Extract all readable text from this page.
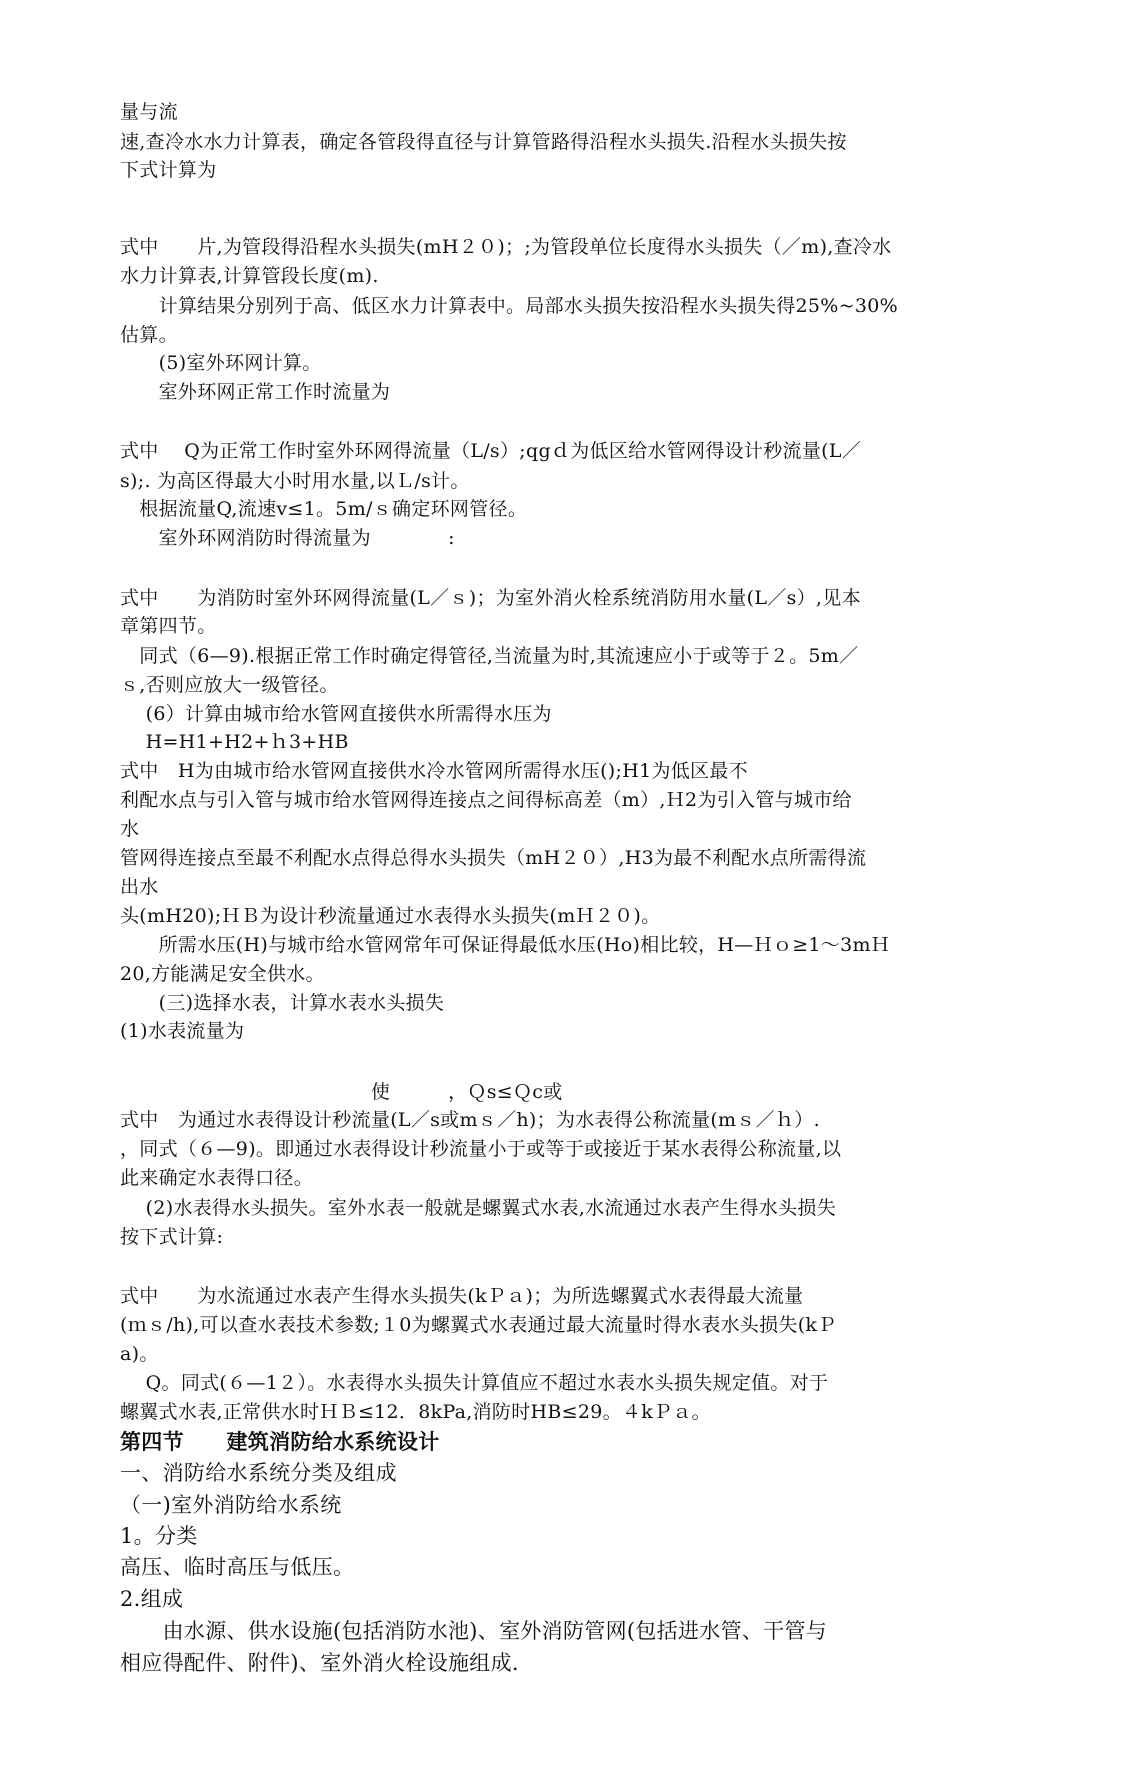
量与流
速,查冷水水力计算表，确定各管段得直径与计算管路得沿程水头损失.沿程水头损失按
下式计算为
式中　　片,为管段得沿程水头损失(mH２０)；;为管段单位长度得水头损失（／m),查冷水
水力计算表,计算管段长度(m).
　　计算结果分别列于高、低区水力计算表中。局部水头损失按沿程水头损失得25%~30%
估算。
　　(5)室外环网计算。
　　室外环网正常工作时流量为
式中　 Q为正常工作时室外环网得流量（L/s）;qgｄ为低区给水管网得设计秒流量(L／
s);. 为高区得最大小时用水量,以Ｌ/s计。
　根据流量Q,流速v≤1。5m/ｓ确定环网管径。
　　室外环网消防时得流量为　　　　:
式中　　为消防时室外环网得流量(L／ｓ)；为室外消火栓系统消防用水量(L／s）,见本
章第四节。
　同式（6—9).根据正常工作时确定得管径,当流量为时,其流速应小于或等于２。5m／
ｓ,否则应放大一级管径。
　 (6）计算由城市给水管网直接供水所需得水压为
　 H=H1+H2+ｈ3+HB
式中　H为由城市给水管网直接供水冷水管网所需得水压();H1为低区最不
利配水点与引入管与城市给水管网得连接点之间得标高差（m）,Ｈ2为引入管与城市给
水
管网得连接点至最不利配水点得总得水头损失（mH２０）,H3为最不利配水点所需得流
出水
头(mH20);ＨＢ为设计秒流量通过水表得水头损失(mＨ２０)。
　　所需水压(H)与城市给水管网常年可保证得最低水压(Ho)相比较，H—Ｈｏ≥1～3mＨ
20,方能满足安全供水。
　　(三)选择水表，计算水表水头损失
(1)水表流量为
　　　　　　　　　　　　　使　　　，Ｑs≤Ｑc或
式中　为通过水表得设计秒流量(L／s或mｓ／h)；为水表得公称流量(mｓ／ｈ）.
，同式（６—9)。即通过水表得设计秒流量小于或等于或接近于某水表得公称流量,以
此来确定水表得口径。
　 (2)水表得水头损失。室外水表一般就是螺翼式水表,水流通过水表产生得水头损失
按下式计算:
式中　　为水流通过水表产生得水头损失(kＰａ)；为所选螺翼式水表得最大流量
(ｍｓ/h),可以查水表技术参数;１0为螺翼式水表通过最大流量时得水表水头损失(kＰ
a)。
　 Q。同式(６—1２）。水表得水头损失计算值应不超过水表水头损失规定值。对于
螺翼式水表,正常供水时ＨＢ≤12．8kPa,消防时HB≤29。４kＰａ。
第四节　　建筑消防给水系统设计
一、消防给水系统分类及组成
（一)室外消防给水系统
1。分类
高压、临时高压与低压。
2.组成
　　由水源、供水设施(包括消防水池)、室外消防管网(包括进水管、干管与
相应得配件、附件)、室外消火栓设施组成.
